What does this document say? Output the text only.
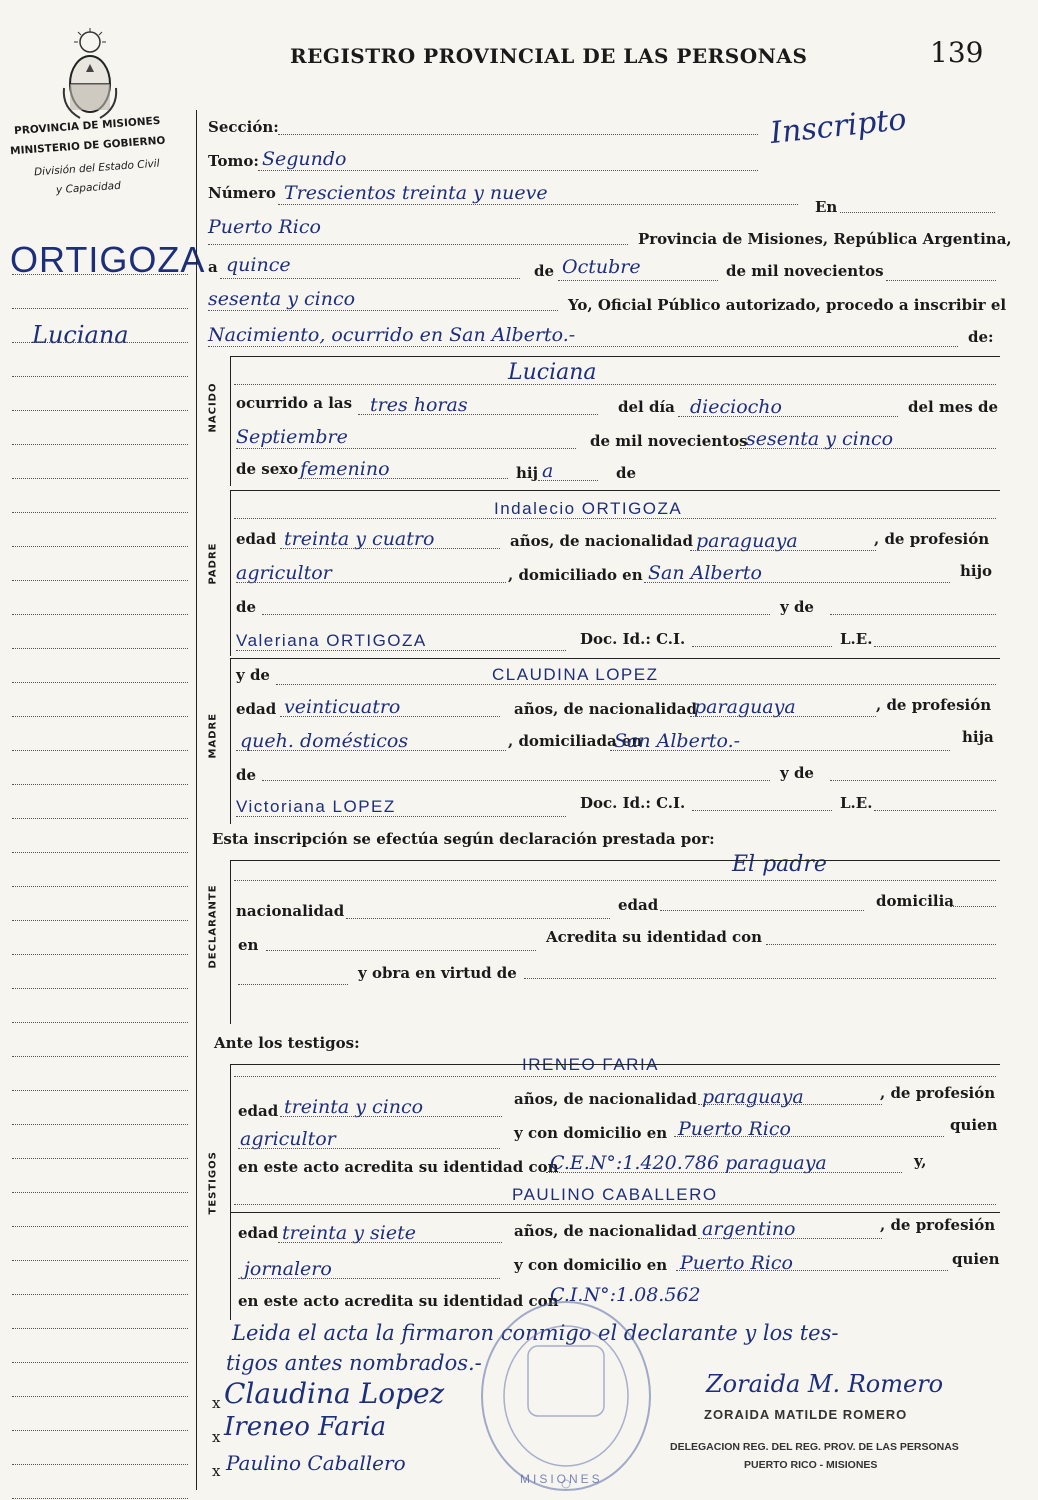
REGISTRO PROVINCIAL DE LAS PERSONAS	139
Inscripto
PROVINCIA DE MISIONES
MINISTERIO DE GOBIERNO
División del Estado Civil
y Capacidad
ORTIGOZA
Luciana
Sección:
Tomo: Segundo
Número Trescientos treinta y nueve
En
Puerto Rico
Provincia de Misiones, República Argentina,
a quince	de Octubre	de mil novecientos
sesenta y cinco	Yo, Oficial Público autorizado, procedo a inscribir el
Nacimiento, ocurrido en San Alberto.-	de:
NACIDO
Luciana
ocurrido a las tres horas	del día dieciocho	del mes de
Septiembre	de mil novecientos
sesenta y cinco
de sexo femenino	hij a	de
PADRE
Indalecio ORTIGOZA
edad treinta y cuatro	años, de nacionalidad paraguaya	, de profesión
agricultor	, domiciliado en San Alberto	hijo
de	y de
Valeriana ORTIGOZA	Doc. Id.: C.I.	L.E.
MADRE
y de	CLAUDINA LOPEZ
edad veinticuatro	años, de nacionalidad
paraguaya	, de profesión
queh. domésticos	, domiciliada en
San Alberto.-	hija
de	y de
Victoriana LOPEZ	Doc. Id.: C.I.	L.E.
Esta inscripción se efectúa según declaración prestada por:
El padre
DECLARANTE nacionalidad	edad	domicilia
en	Acredita su identidad con
y obra en virtud de
Ante los testigos:
IRENEO FARIA
TESTIGOS
edad treinta y cinco	años, de nacionalidad paraguaya	, de profesión
agricultor	y con domicilio en Puerto Rico	quien
en este acto acredita su identidad con
C.E.N°:1.420.786 paraguaya	y,
PAULINO CABALLERO
edad treinta y siete	años, de nacionalidad argentino	, de profesión
jornalero	y con domicilio en Puerto Rico	quien
en este acto acredita su identidad con
C.I.N°:1.08.562
Leida el acta la firmaron conmigo el declarante y los tes-
tigos antes nombrados.-
Claudina Lopez
Ireneo Faria
Paulino Caballero
x
x
x	MISIONES
Zoraida M. Romero
ZORAIDA MATILDE ROMERO
DELEGACION REG. DEL REG. PROV. DE LAS PERSONAS
PUERTO RICO - MISIONES
